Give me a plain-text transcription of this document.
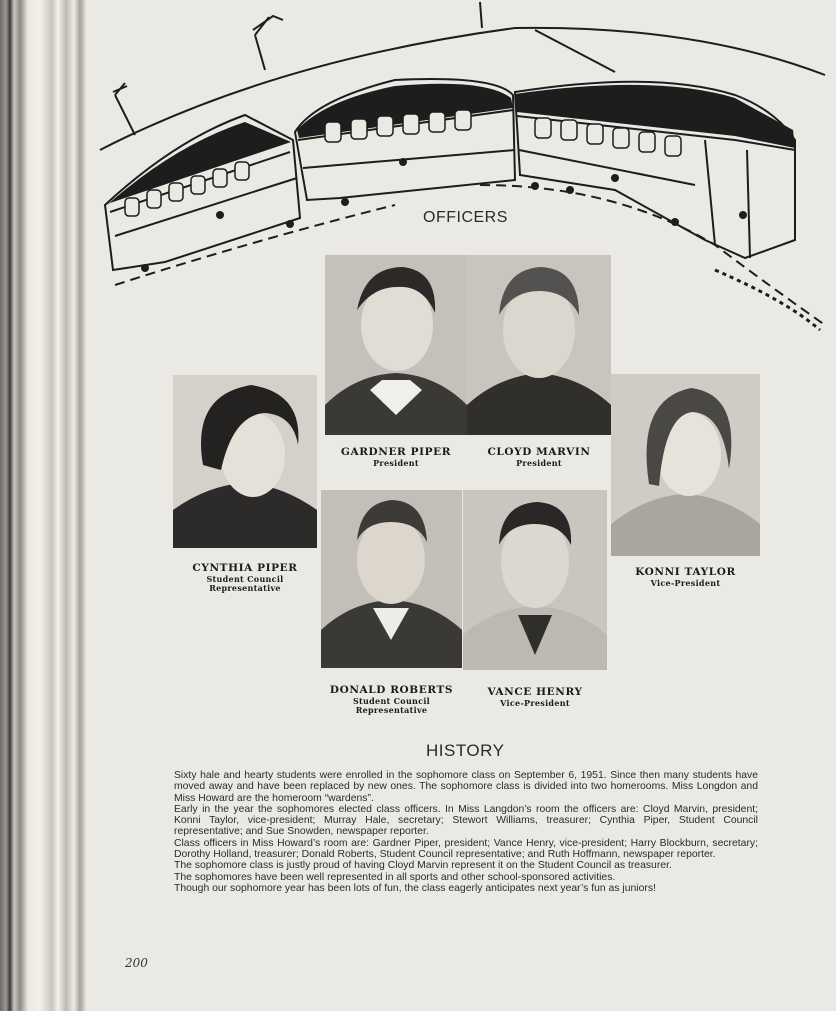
OFFICERS
GARDNER PIPER
President
CLOYD MARVIN
President
CYNTHIA PIPER
Student Council
Representative
KONNI TAYLOR
Vice-President
DONALD ROBERTS
Student Council
Representative
VANCE HENRY
Vice-President
HISTORY

Sixty hale and hearty students were enrolled in the sophomore class on September 6, 1951. Since then many students have moved away and have been replaced by new ones. The sophomore class is divided into two homerooms. Miss Longdon and Miss Howard are the homeroom “wardens”.

Early in the year the sophomores elected class officers. In Miss Langdon’s room the officers are: Cloyd Marvin, president; Konni Taylor, vice-president; Murray Hale, secretary; Stewort Williams, treasurer; Cynthia Piper, Student Council representative; and Sue Snowden, newspaper reporter.

Class officers in Miss Howard’s room are: Gardner Piper, president; Vance Henry, vice-president; Harry Blockburn, secretary; Dorothy Holland, treasurer; Donald Roberts, Student Council representative; and Ruth Hoffmann, newspaper reporter.

The sophomore class is justly proud of having Cloyd Marvin represent it on the Student Council as treasurer.

The sophomores have been well represented in all sports and other school-sponsored activities.

Though our sophomore year has been lots of fun, the class eagerly anticipates next year’s fun as juniors!

200
